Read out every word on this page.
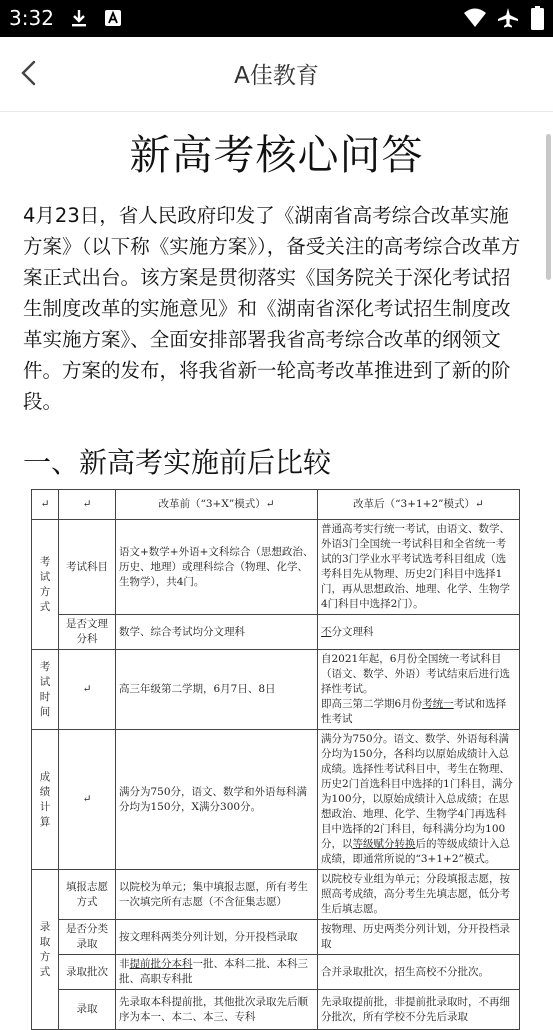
3:32
A佳教育
新高考核心问答

4月23日，省人民政府印发了《湖南省高考综合改革实施方案》（以下称《实施方案》），备受关注的高考综合改革方案正式出台。该方案是贯彻落实《国务院关于深化考试招生制度改革的实施意见》和《湖南省深化考试招生制度改革实施方案》、全面安排部署我省高考综合改革的纲领文件。方案的发布，将我省新一轮高考改革推进到了新的阶段。

一、新高考实施前后比较
↵	↵	改革前（“3+X”模式）↵	改革后（“3+1+2”模式）↵
考试方式	考试科目	语文+数学+外语+文科综合（思想政治、历史、地理）或理科综合（物理、化学、生物学），共4门。	普通高考实行统一考试，由语文、数学、外语3门全国统一考试科目和全省统一考试的3门学业水平考试选考科目组成（选考科目先从物理、历史2门科目中选择1门，再从思想政治、地理、化学、生物学4门科目中选择2门）。
	是否文理分科	数学、综合考试均分文理科	不分文理科
考试时间	↵	高三年级第二学期，6月7日、8日	自2021年起，6月份全国统一考试科目（语文、数学、外语）考试结束后进行选择性考试。
即高三第二学期6月份考统一考试和选择性考试

成绩计算	↵	满分为750分，语文、数学和外语每科满分均为150分，X满分300分。	满分为750分。语文、数学、外语每科满分均为150分，各科均以原始成绩计入总成绩。选择性考试科目中，考生在物理、历史2门首选科目中选择的1门科目，满分为100分，以原始成绩计入总成绩；在思想政治、地理、化学、生物学4门再选科目中选择的2门科目，每科满分均为100分，以等级赋分转换后的等级成绩计入总成绩，即通常所说的“3+1+2”模式。
录取方式	填报志愿方式	以院校为单元；集中填报志愿，所有考生一次填完所有志愿（不含征集志愿）	以院校专业组为单元；分段填报志愿，按照高考成绩，高分考生先填志愿，低分考生后填志愿。
	是否分类录取	按文理科两类分列计划，分开投档录取	按物理、历史两类分列计划，分开投档录取
	录取批次	非提前批分本科一批、本科二批、本科三批、高职专科批	合并录取批次，招生高校不分批次。
	录取	先录取本科提前批，其他批次录取先后顺序为本一、本二、本三、专科	先录取提前批，非提前批录取时，不再细分批次，所有学校不分先后录取
